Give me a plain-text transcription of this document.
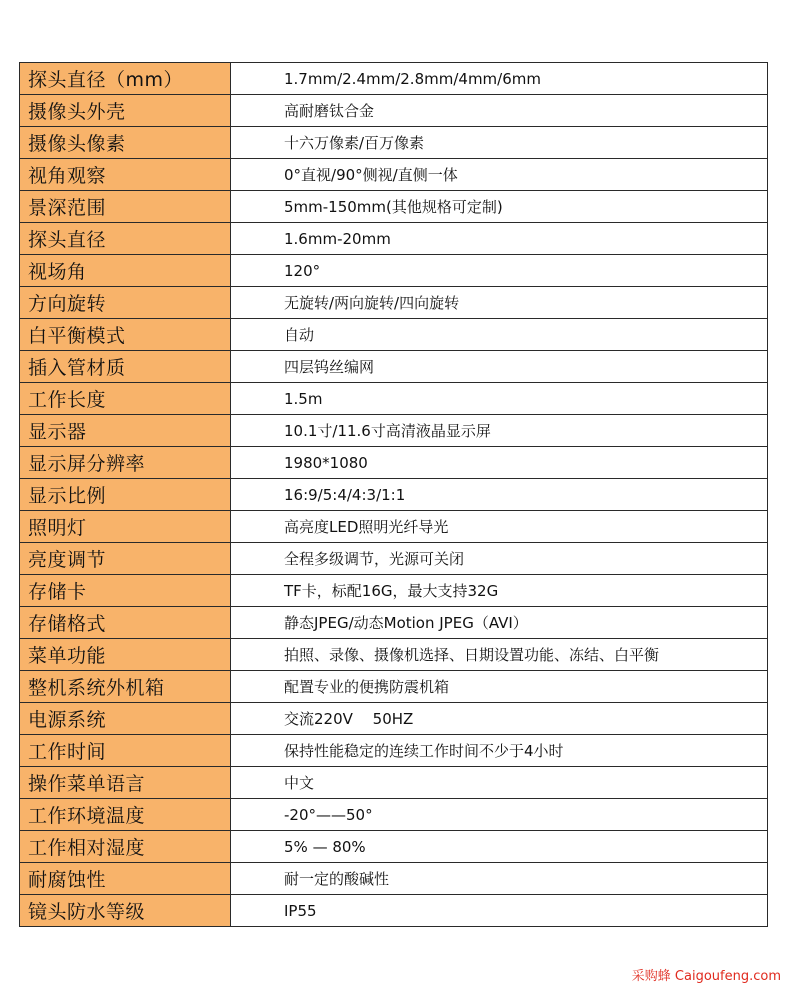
探头直径（mm）	1.7mm/2.4mm/2.8mm/4mm/6mm
摄像头外壳	高耐磨钛合金
摄像头像素	十六万像素/百万像素
视角观察	0°直视/90°侧视/直侧一体
景深范围	5mm-150mm(其他规格可定制)
探头直径	1.6mm-20mm
视场角	120°
方向旋转	无旋转/两向旋转/四向旋转
白平衡模式	自动
插入管材质	四层钨丝编网
工作长度	1.5m
显示器	10.1寸/11.6寸高清液晶显示屏
显示屏分辨率	1980*1080
显示比例	16:9/5:4/4:3/1:1
照明灯	高亮度LED照明光纤导光
亮度调节	全程多级调节，光源可关闭
存储卡	TF卡，标配16G，最大支持32G
存储格式	静态JPEG/动态Motion JPEG（AVI）
菜单功能	拍照、录像、摄像机选择、日期设置功能、冻结、白平衡
整机系统外机箱	配置专业的便携防震机箱
电源系统	交流220V　 50HZ
工作时间	保持性能稳定的连续工作时间不少于4小时
操作菜单语言	中文
工作环境温度	-20°——50°
工作相对湿度	5% — 80%
耐腐蚀性	耐一定的酸碱性
镜头防水等级	IP55
采购蜂 Caigoufeng.com
